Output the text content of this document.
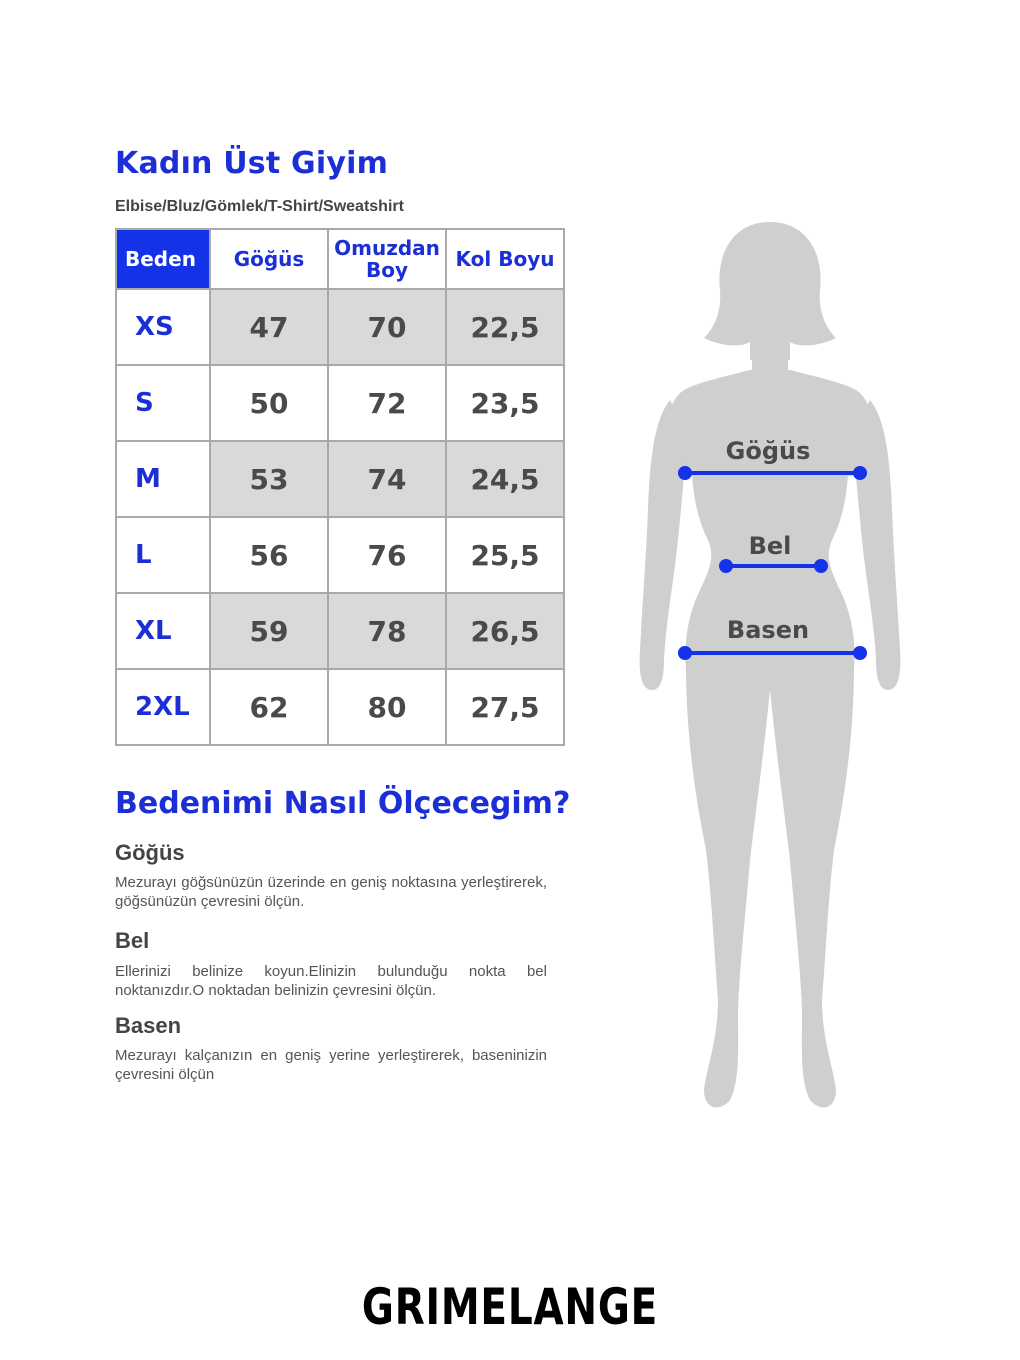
Kadın Üst Giyim
Elbise/Bluz/Gömlek/T-Shirt/Sweatshirt
Beden	Göğüs	Omuzdan Boy	Kol Boyu
XS	47	70	22,5
S	50	72	23,5
M	53	74	24,5
L	56	76	25,5
XL	59	78	26,5
2XL	62	80	27,5
Bedenimi Nasıl Ölçecegim?
Göğüs

Mezurayı göğsünüzün üzerinde en geniş noktasına yerleştirerek, göğsünüzün çevresini ölçün.

Bel

Ellerinizi belinize koyun.Elinizin bulunduğu nokta bel noktanızdır.O noktadan belinizin çevresini ölçün.

Basen

Mezurayı kalçanızın en geniş yerine yerleştirerek, baseninizin çevresini ölçün

Göğüs
Bel
Basen
GRIMELANGE
